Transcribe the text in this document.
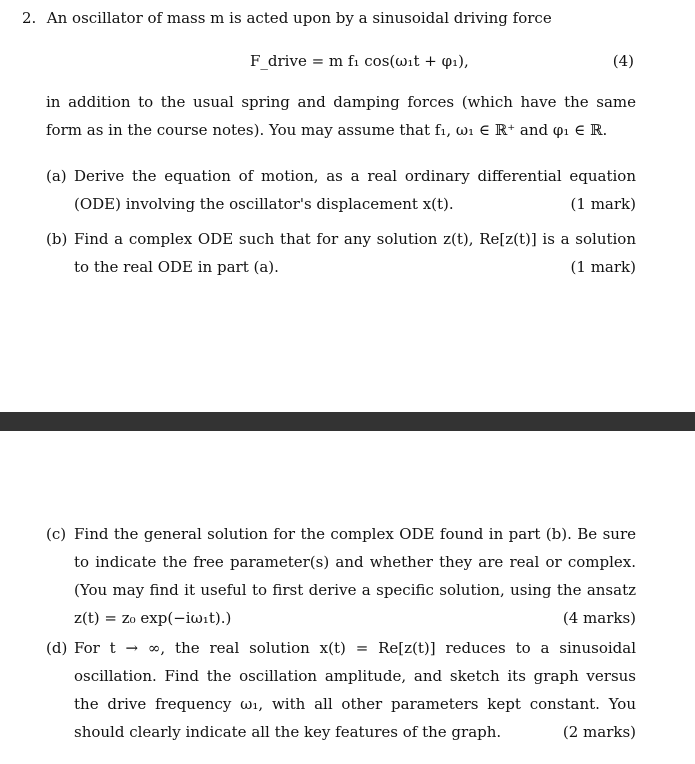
2. An oscillator of mass m is acted upon by a sinusoidal driving force
F_drive = m f₁ cos(ω₁t + φ₁),	(4)
in addition to the usual spring and damping forces (which have the same form as in the course notes). You may assume that f₁, ω₁ ∈ ℝ⁺ and φ₁ ∈ ℝ.
(a) Derive the equation of motion, as a real ordinary differential equation (ODE) involving the oscillator's displacement x(t).	(1 mark)
(b) Find a complex ODE such that for any solution z(t), Re[z(t)] is a solution to the real ODE in part (a).	(1 mark)
(c) Find the general solution for the complex ODE found in part (b). Be sure to indicate the free parameter(s) and whether they are real or complex. (You may find it useful to first derive a specific solution, using the ansatz z(t) = z₀ exp(−iω₁t).)	(4 marks)
(d) For t → ∞, the real solution x(t) = Re[z(t)] reduces to a sinusoidal oscillation. Find the oscillation amplitude, and sketch its graph versus the drive frequency ω₁, with all other parameters kept constant. You should clearly indicate all the key features of the graph.	(2 marks)
